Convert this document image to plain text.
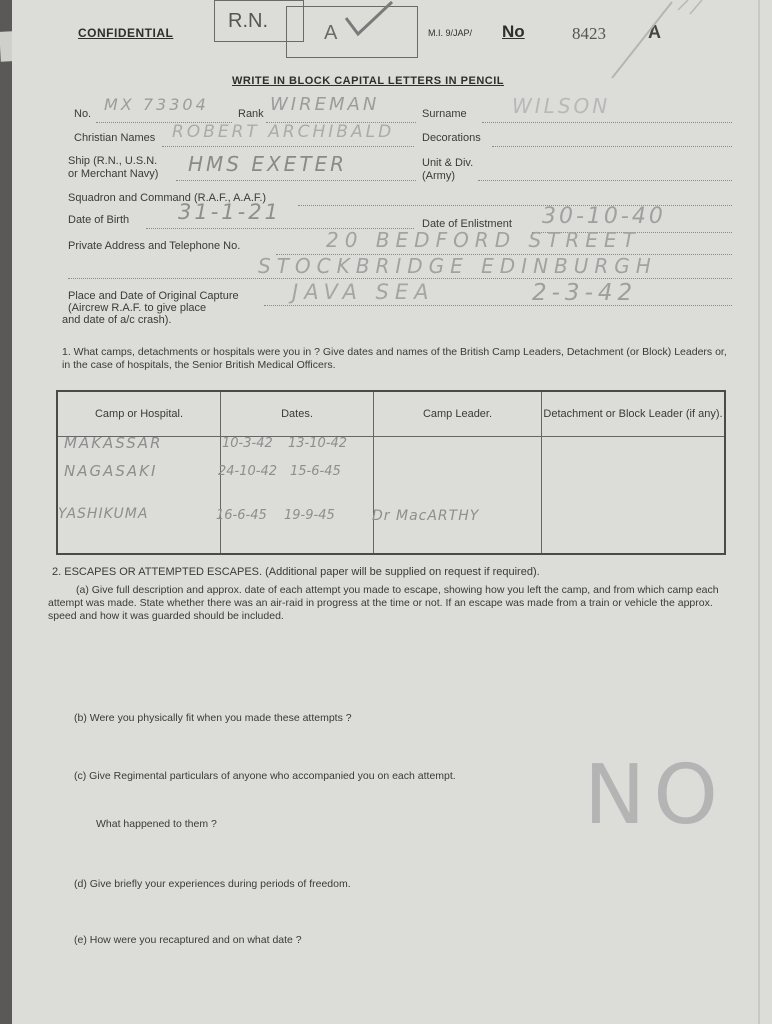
CONFIDENTIAL
R.N.
A	M.I. 9/JAP/ No	8423 A
WRITE IN BLOCK CAPITAL LETTERS IN PENCIL
No. MX 73304	Rank WIREMAN	Surname WILSON
Christian Names ROBERT ARCHIBALD	Decorations
Ship (R.N., U.S.N.
or Merchant Navy) HMS EXETER	Unit & Div.
(Army)
Squadron and Command (R.A.F., A.A.F.)
Date of Birth 31-1-21	Date of Enlistment 30-10-40
Private Address and Telephone No.	20 BEDFORD STREET
STOCKBRIDGE EDINBURGH
Place and Date of Original Capture
(Aircrew R.A.F. to give place
and date of a/c crash).
JAVA SEA	2-3-42
1. What camps, detachments or hospitals were you in ? Give dates and names of the British Camp Leaders, Detachment (or Block) Leaders or, in the case of hospitals, the Senior British Medical Officers.
Camp or Hospital.	Dates.	Camp Leader.	Detachment or Block Leader (if any).

MAKASSAR	10-3-42 13-10-42
NAGASAKI	24-10-42 15-6-45
YASHIKUMA	16-6-45 19-9-45	Dr MacARTHY
2. ESCAPES OR ATTEMPTED ESCAPES. (Additional paper will be supplied on request if required).
(a) Give full description and approx. date of each attempt you made to escape, showing how you left the camp, and from which camp each attempt was made. State whether there was an air-raid in progress at the time or not. If an escape was made from a train or vehicle the approx. speed and how it was guarded should be included.
(b) Were you physically fit when you made these attempts ?
(c) Give Regimental particulars of anyone who accompanied you on each attempt.
What happened to them ?
(d) Give briefly your experiences during periods of freedom.
(e) How were you recaptured and on what date ?
NO
